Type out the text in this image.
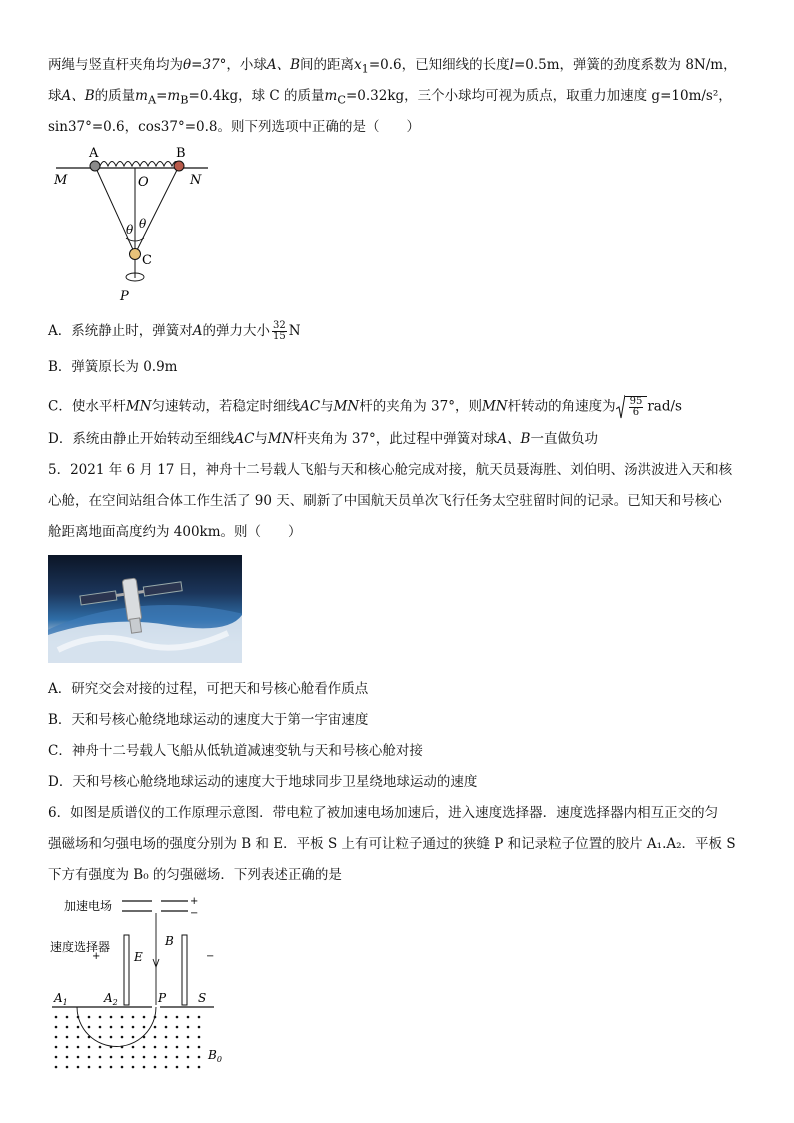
两绳与竖直杆夹角均为θ=37°，小球A、B间的距离$x_1=0.6$，已知细线的长度l=0.5m，弹簧的劲度系数为 8N/m，
球A、B的质量$m_A=m_B=0.4kg$，球 C 的质量$m_C=0.32kg$，三个小球均可视为质点，取重力加速度 g=10m/s²，
sin37°=0.6，cos37°=0.8。则下列选项中正确的是（　　）
A	B
M	N
O
θ θ
C
P
A．系统静止时，弹簧对A的弹力大小 $\frac{32}{15}$ N
B．弹簧原长为 0.9m
C．使水平杆MN匀速转动，若稳定时细线AC与MN杆的夹角为 37°，则MN杆转动的角速度为 $\frac{95}{6} rad/s$
D．系统由静止开始转动至细线AC与MN杆夹角为 37°，此过程中弹簧对球A、B一直做负功
5．2021 年 6 月 17 日，神舟十二号载人飞船与天和核心舱完成对接，航天员聂海胜、刘伯明、汤洪波进入天和核
心舱，在空间站组合体工作生活了 90 天、刷新了中国航天员单次飞行任务太空驻留时间的记录。已知天和号核心
舱距离地面高度约为 400km。则（　　）
A．研究交会对接的过程，可把天和号核心舱看作质点
B．天和号核心舱绕地球运动的速度大于第一宇宙速度
C．神舟十二号载人飞船从低轨道减速变轨与天和号核心舱对接
D．天和号核心舱绕地球运动的速度大于地球同步卫星绕地球运动的速度
6．如图是质谱仪的工作原理示意图．带电粒了被加速电场加速后，进入速度选择器．速度选择器内相互正交的匀
强磁场和匀强电场的强度分别为 B 和 E．平板 S 上有可让粒子通过的狭缝 P 和记录粒子位置的胶片 A₁.A₂．平板 S
下方有强度为 B₀ 的匀强磁场．下列表述正确的是
加速电场	+
−
速度选择器
+	−
E
B
$A_1$	$A_2$	P	S
$B_0$
